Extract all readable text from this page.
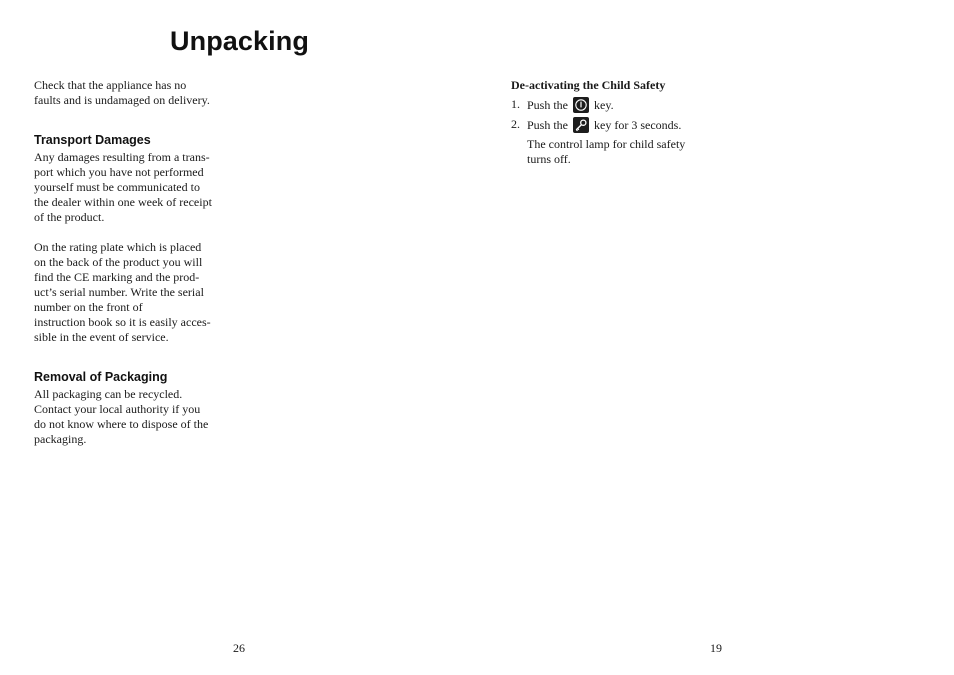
Unpacking

Check that the appliance has no
faults and is undamaged on delivery.

Transport Damages

Any damages resulting from a trans-
port which you have not performed
yourself must be communicated to
the dealer within one week of receipt
of the product.

On the rating plate which is placed
on the back of the product you will
find the CE marking and the prod-
uct’s serial number. Write the serial
number on the front of
instruction book so it is easily acces-
sible in the event of service.

Removal of Packaging

All packaging can be recycled.
Contact your local authority if you
do not know where to dispose of the
packaging.

De-activating the Child Safety
1. Push the key.
2. Push the key for 3 seconds.
The control lamp for child safety
turns off.
26	19
